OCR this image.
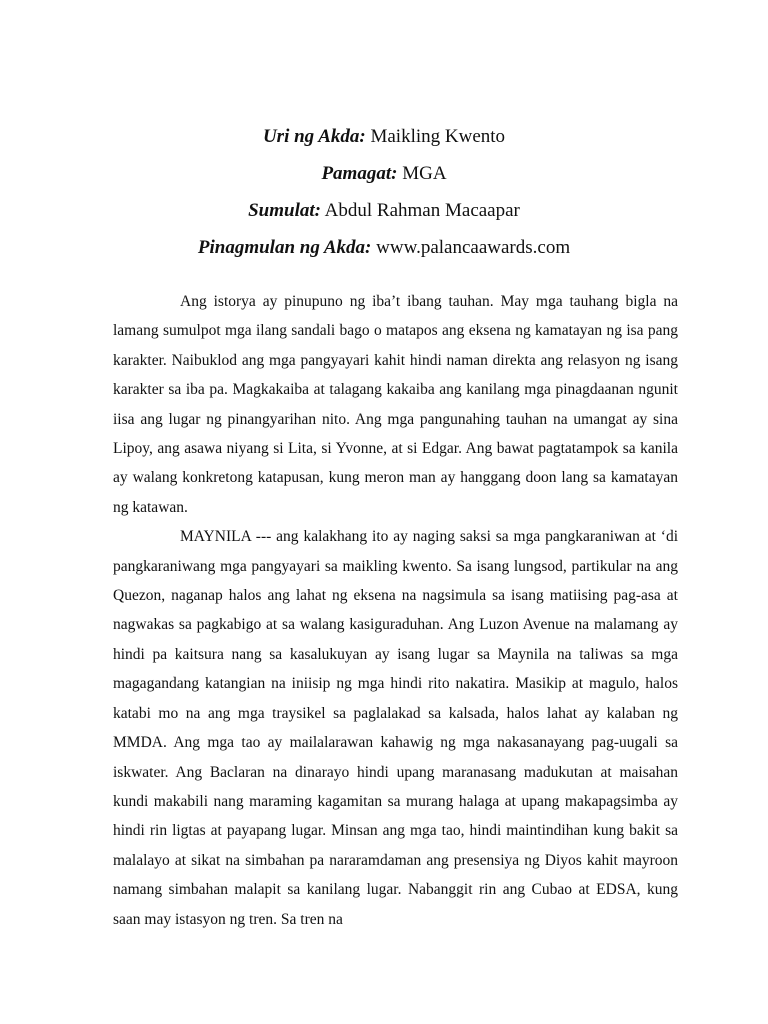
Uri ng Akda: Maikling Kwento
Pamagat: MGA
Sumulat: Abdul Rahman Macaapar
Pinagmulan ng Akda: www.palancaawards.com

Ang istorya ay pinupuno ng iba’t ibang tauhan. May mga tauhang bigla na lamang sumulpot mga ilang sandali bago o matapos ang eksena ng kamatayan ng isa pang karakter. Naibuklod ang mga pangyayari kahit hindi naman direkta ang relasyon ng isang karakter sa iba pa. Magkakaiba at talagang kakaiba ang kanilang mga pinagdaanan ngunit iisa ang lugar ng pinangyarihan nito. Ang mga pangunahing tauhan na umangat ay sina Lipoy, ang asawa niyang si Lita, si Yvonne, at si Edgar. Ang bawat pagtatampok sa kanila ay walang konkretong katapusan, kung meron man ay hanggang doon lang sa kamatayan ng katawan.

MAYNILA --- ang kalakhang ito ay naging saksi sa mga pangkaraniwan at ‘di pangkaraniwang mga pangyayari sa maikling kwento. Sa isang lungsod, partikular na ang Quezon, naganap halos ang lahat ng eksena na nagsimula sa isang matiising pag-asa at nagwakas sa pagkabigo at sa walang kasiguraduhan. Ang Luzon Avenue na malamang ay hindi pa kaitsura nang sa kasalukuyan ay isang lugar sa Maynila na taliwas sa mga magagandang katangian na iniisip ng mga hindi rito nakatira. Masikip at magulo, halos katabi mo na ang mga traysikel sa paglalakad sa kalsada, halos lahat ay kalaban ng MMDA. Ang mga tao ay mailalarawan kahawig ng mga nakasanayang pag-uugali sa iskwater. Ang Baclaran na dinarayo hindi upang maranasang madukutan at maisahan kundi makabili nang maraming kagamitan sa murang halaga at upang makapagsimba ay hindi rin ligtas at payapang lugar. Minsan ang mga tao, hindi maintindihan kung bakit sa malalayo at sikat na simbahan pa nararamdaman ang presensiya ng Diyos kahit mayroon namang simbahan malapit sa kanilang lugar. Nabanggit rin ang Cubao at EDSA, kung saan may istasyon ng tren. Sa tren na
